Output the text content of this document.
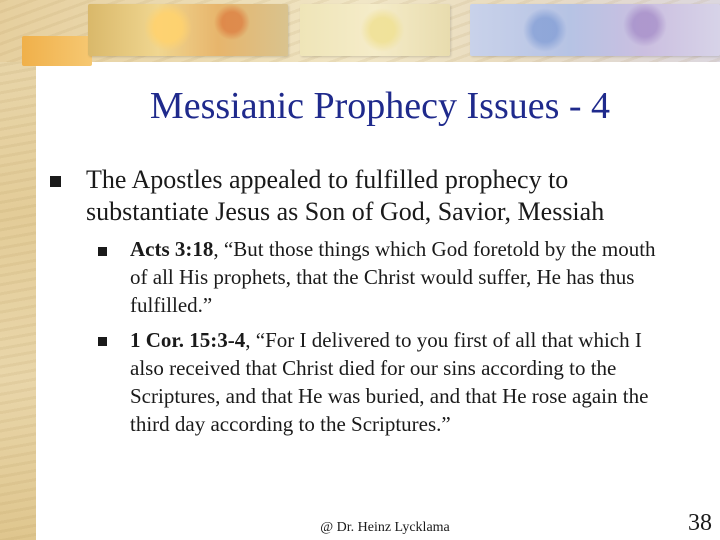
Messianic Prophecy Issues - 4
The Apostles appealed to fulfilled prophecy to substantiate Jesus as Son of God, Savior, Messiah
Acts 3:18, “But those things which God foretold by the mouth of all His prophets, that the Christ would suffer, He has thus fulfilled.”
1 Cor. 15:3-4, “For I delivered to you first of all that which I also received that Christ died for our sins according to the Scriptures, and that He was buried, and that He rose again the third day according to the Scriptures.”
@ Dr. Heinz Lycklama	38
